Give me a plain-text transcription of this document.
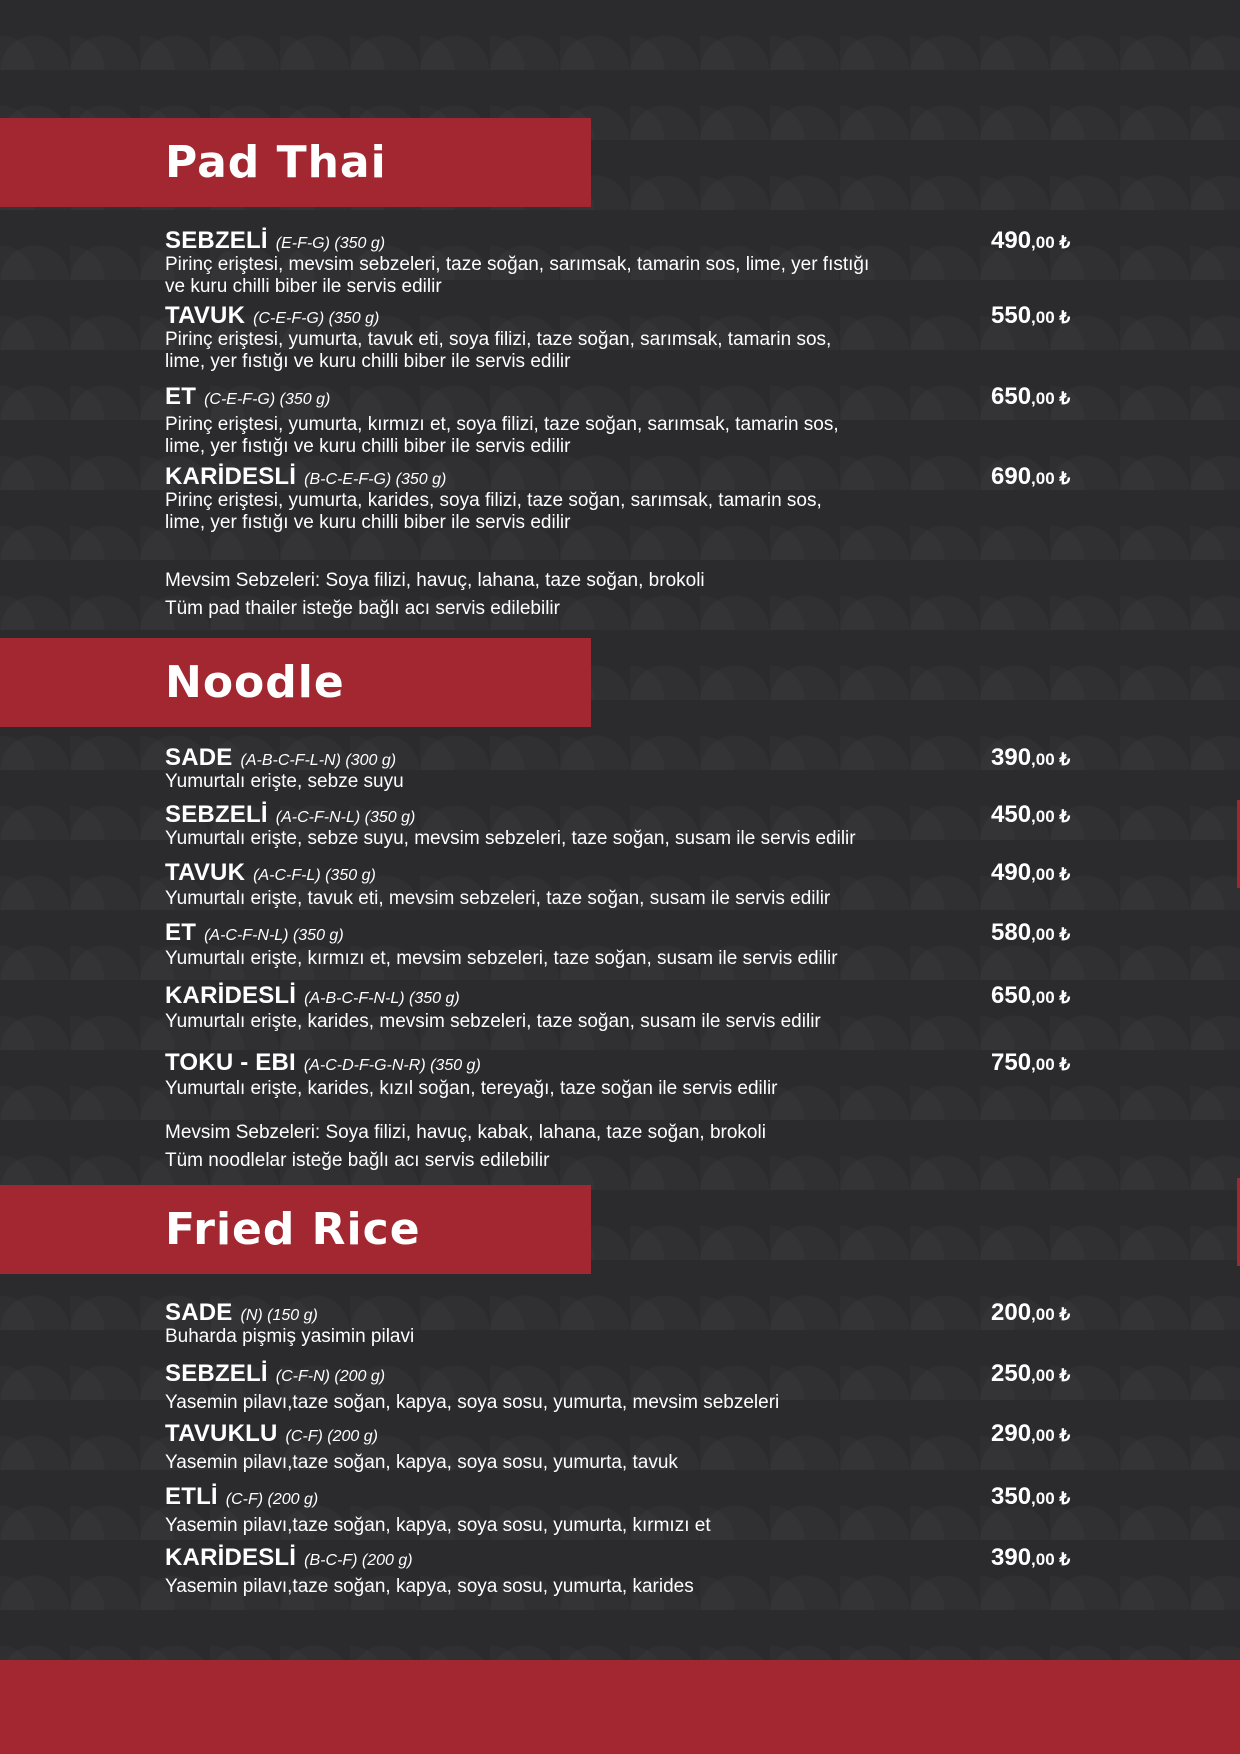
Pad Thai
SEBZELİ (E-F-G) (350 g)
Pirinç eriştesi, mevsim sebzeleri, taze soğan, sarımsak, tamarin sos, lime, yer fıstığı
ve kuru chilli biber ile servis edilir
490,00 ₺
TAVUK (C-E-F-G) (350 g)
Pirinç eriştesi, yumurta, tavuk eti, soya filizi, taze soğan, sarımsak, tamarin sos,
lime, yer fıstığı ve kuru chilli biber ile servis edilir
550,00 ₺
ET (C-E-F-G) (350 g)
Pirinç eriştesi, yumurta, kırmızı et, soya filizi, taze soğan, sarımsak, tamarin sos,
lime, yer fıstığı ve kuru chilli biber ile servis edilir
650,00 ₺
KARİDESLİ (B-C-E-F-G) (350 g)
Pirinç eriştesi, yumurta, karides, soya filizi, taze soğan, sarımsak, tamarin sos,
lime, yer fıstığı ve kuru chilli biber ile servis edilir
690,00 ₺
Mevsim Sebzeleri: Soya filizi, havuç, lahana, taze soğan, brokoli
Tüm pad thailer isteğe bağlı acı servis edilebilir
Noodle
SADE (A-B-C-F-L-N) (300 g)
Yumurtalı erişte, sebze suyu
390,00 ₺
SEBZELİ (A-C-F-N-L) (350 g)
Yumurtalı erişte, sebze suyu, mevsim sebzeleri, taze soğan, susam ile servis edilir
450,00 ₺
TAVUK (A-C-F-L) (350 g)
Yumurtalı erişte, tavuk eti, mevsim sebzeleri, taze soğan, susam ile servis edilir
490,00 ₺
ET (A-C-F-N-L) (350 g)
Yumurtalı erişte, kırmızı et, mevsim sebzeleri, taze soğan, susam ile servis edilir
580,00 ₺
KARİDESLİ (A-B-C-F-N-L) (350 g)
Yumurtalı erişte, karides, mevsim sebzeleri, taze soğan, susam ile servis edilir
650,00 ₺
TOKU - EBI (A-C-D-F-G-N-R) (350 g)
Yumurtalı erişte, karides, kızıl soğan, tereyağı, taze soğan ile servis edilir
750,00 ₺
Mevsim Sebzeleri: Soya filizi, havuç, kabak, lahana, taze soğan, brokoli
Tüm noodlelar isteğe bağlı acı servis edilebilir
Fried Rice
SADE (N) (150 g)
Buharda pişmiş yasimin pilavi
200,00 ₺
SEBZELİ (C-F-N) (200 g)
Yasemin pilavı,taze soğan, kapya, soya sosu, yumurta, mevsim sebzeleri
250,00 ₺
TAVUKLU (C-F) (200 g)
Yasemin pilavı,taze soğan, kapya, soya sosu, yumurta, tavuk
290,00 ₺
ETLİ (C-F) (200 g)
Yasemin pilavı,taze soğan, kapya, soya sosu, yumurta, kırmızı et
350,00 ₺
KARİDESLİ (B-C-F) (200 g)
Yasemin pilavı,taze soğan, kapya, soya sosu, yumurta, karides
390,00 ₺
